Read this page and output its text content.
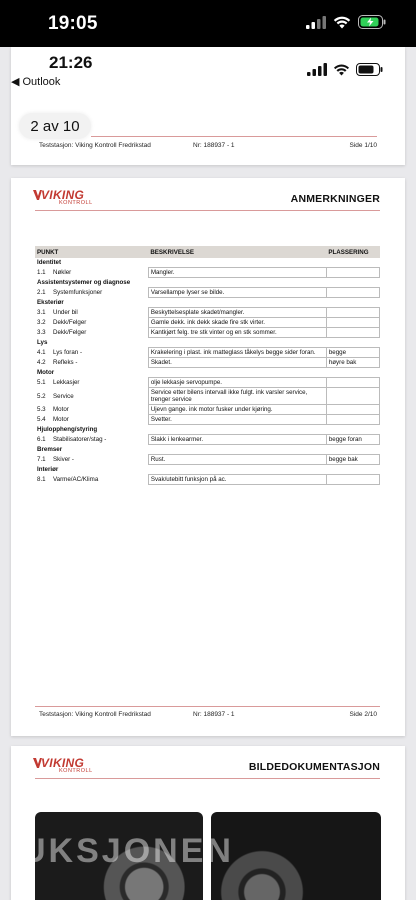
19:05
21:26
◀ Outlook
2 av 10
Teststasjon: Viking Kontroll Fredrikstad	Nr: 188937 - 1	Side 1/10
VIKING
KONTROLL	ANMERKNINGER
PUNKT		BESKRIVELSE	PLASSERING
Identitet			
1.1	Nøkler	Mangler.	
Assistentsystemer og diagnose			
2.1	Systemfunksjoner	Varsellampe lyser se bilde.	
Eksteriør			
3.1	Under bil	Beskyttelsesplate skadet/mangler.	
3.2	Dekk/Felger	Gamle dekk. ink dekk skade fire stk virter.	
3.3	Dekk/Felger	Kantkjørt felg. tre stk vinter og en stk sommer.	
Lys			
4.1	Lys foran -	Krakelering i plast. ink matteglass tåkelys begge sider foran.	begge
4.2	Refleks -	Skadet.	høyre bak
Motor			
5.1	Lekkasjer	olje lekkasje servopumpe.	
5.2	Service	Service etter bilens intervall ikke fulgt. ink varsler service, trenger service	
5.3	Motor	Ujevn gange. ink motor fusker under kjøring.	
5.4	Motor	Svetter.	
Hjuloppheng/styring			
6.1	Stabilisatorer/stag -	Slakk i lenkearmer.	begge foran
Bremser			
7.1	Skiver -	Rust.	begge bak
Interiør			
8.1	Varme/AC/Klima	Svak/utebitt funksjon på ac.	
Teststasjon: Viking Kontroll Fredrikstad	Nr: 188937 - 1	Side 2/10
VIKING
KONTROLL	BILDEDOKUMENTASJON
UKSJONEN
